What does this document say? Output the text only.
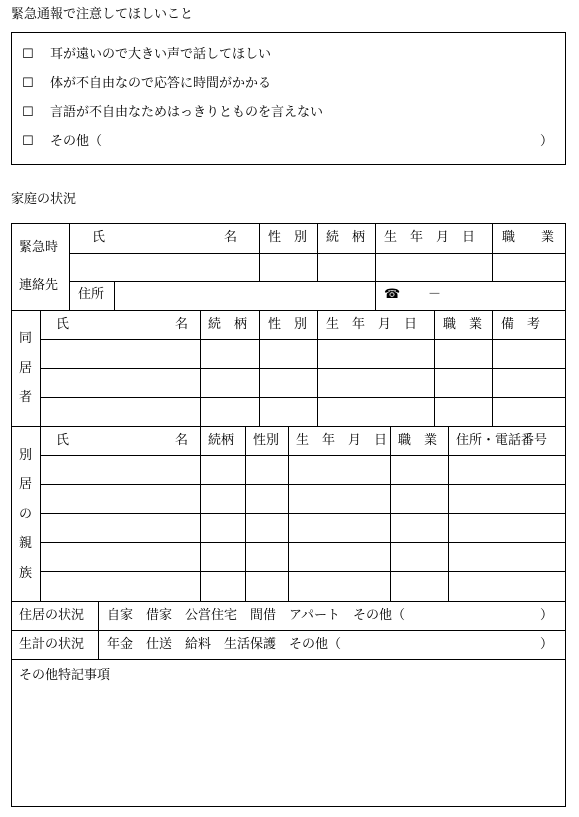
緊急通報で注意してほしいこと
☐ 耳が遠いので大きい声で話してほしい
☐ 体が不自由なので応答に時間がかかる
☐ 言語が不自由なためはっきりとものを言えない
☐ その他（	）
家庭の状況
緊急時
連絡先
氏	名 性　別 続　柄 生　年　月　日 職　　業
住所	☎ －
同
居
者
氏	名 続　柄 性　別 生　年　月　日 職　業 備　考
別
居
の
親
族
氏	名 続柄 性別 生　年　月　日 職　業 住所・電話番号
住居の状況 自家　借家　公営住宅　間借　アパート　その他（	）
生計の状況 年金　仕送　給料　生活保護　その他（	）
その他特記事項
